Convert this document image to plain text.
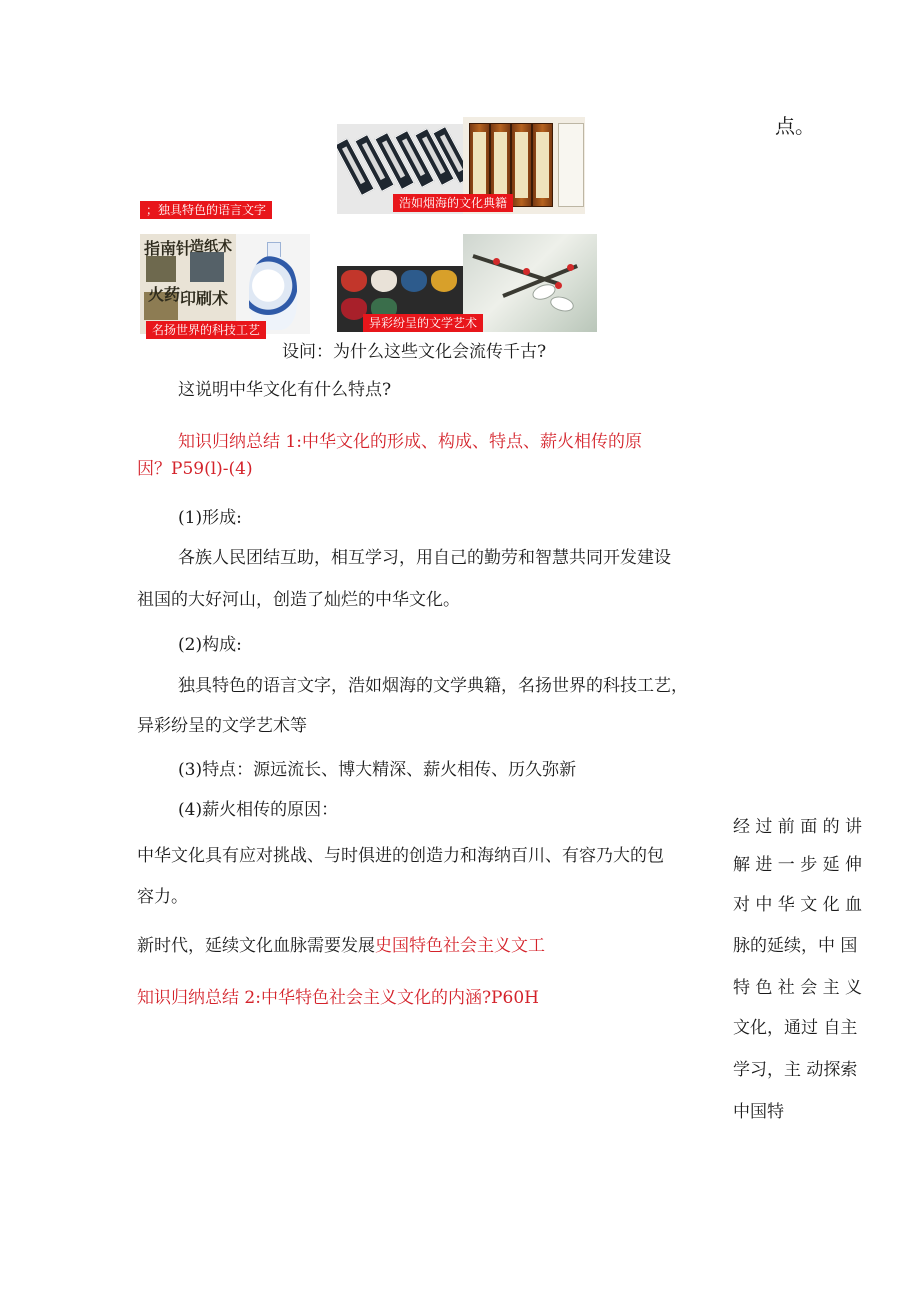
点。
浩如烟海的文化典籍
；独具特色的语言文字
指南针
造纸术
火药 印刷术
名扬世界的科技工艺	异彩纷呈的文学艺术
设问：为什么这些文化会流传千古?
这说明中华文化有什么特点?
知识归纳总结 1:中华文化的形成、构成、特点、薪火相传的原
因？P59(l)-(4)
(1)形成:
各族人民团结互助，相互学习，用自己的勤劳和智慧共同开发建设
祖国的大好河山，创造了灿烂的中华文化。
(2)构成:
独具特色的语言文字，浩如烟海的文学典籍，名扬世界的科技工艺，
异彩纷呈的文学艺术等
(3)特点：源远流长、博大精深、薪火相传、历久弥新
(4)薪火相传的原因：
中华文化具有应对挑战、与时俱进的创造力和海纳百川、有容乃大的包
容力。
新时代，延续文化血脉需要发展史国特色社会主义文工
知识归纳总结 2:中华特色社会主义文化的内涵?P60H
经 过 前 面 的 讲
解 进 一 步 延 伸
对 中 华 文 化 血
脉的延续，中 国
特 色 社 会 主 义
文化，通过 自主
学习，主 动探索
中国特
